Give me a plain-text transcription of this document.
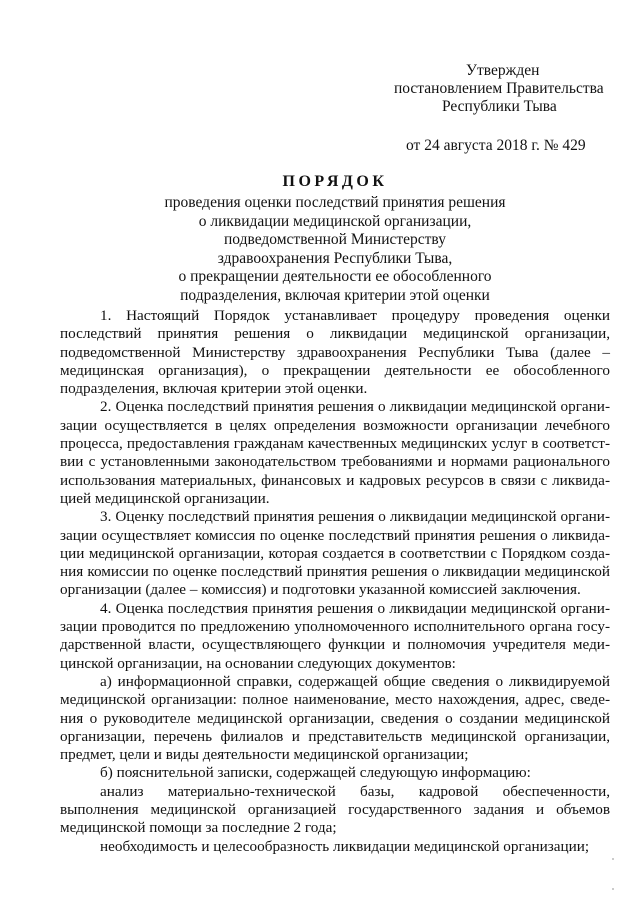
Утвержден
постановлением Правительства
Республики Тыва
от 24 августа 2018 г. № 429
ПОРЯДОК
проведения оценки последствий принятия решения
о ликвидации медицинской организации,
подведомственной Министерству
здравоохранения Республики Тыва,
о прекращении деятельности ее обособленного
подразделения, включая критерии этой оценки

1. Настоящий Порядок устанавливает процедуру проведения оценки последствий принятия решения о ликвидации медицинской организации, подведомственной Министерству здравоохранения Республики Тыва (далее – медицинская организация), о прекращении деятельности ее обособленного подразделения, включая критерии этой оценки.

2. Оценка последствий принятия решения о ликвидации медицинской организации осуществляется в целях определения возможности организации лечебного процесса, предоставления гражданам качественных медицинских услуг в соответствии с установленными законодательством требованиями и нормами рационального использования материальных, финансовых и кадровых ресурсов в связи с ликвидацией медицинской организации.

3. Оценку последствий принятия решения о ликвидации медицинской организации осуществляет комиссия по оценке последствий принятия решения о ликвидации медицинской организации, которая создается в соответствии с Порядком создания комиссии по оценке последствий принятия решения о ликвидации медицинской организации (далее – комиссия) и подготовки указанной комиссией заключения.

4. Оценка последствия принятия решения о ликвидации медицинской организации проводится по предложению уполномоченного исполнительного органа государственной власти, осуществляющего функции и полномочия учредителя медицинской организации, на основании следующих документов:

а) информационной справки, содержащей общие сведения о ликвидируемой медицинской организации: полное наименование, место нахождения, адрес, сведения о руководителе медицинской организации, сведения о создании медицинской организации, перечень филиалов и представительств медицинской организации, предмет, цели и виды деятельности медицинской организации;

б) пояснительной записки, содержащей следующую информацию:

анализ материально-технической базы, кадровой обеспеченности, выполнения медицинской организацией государственного задания и объемов медицинской помощи за последние 2 года;

необходимость и целесообразность ликвидации медицинской организации;
